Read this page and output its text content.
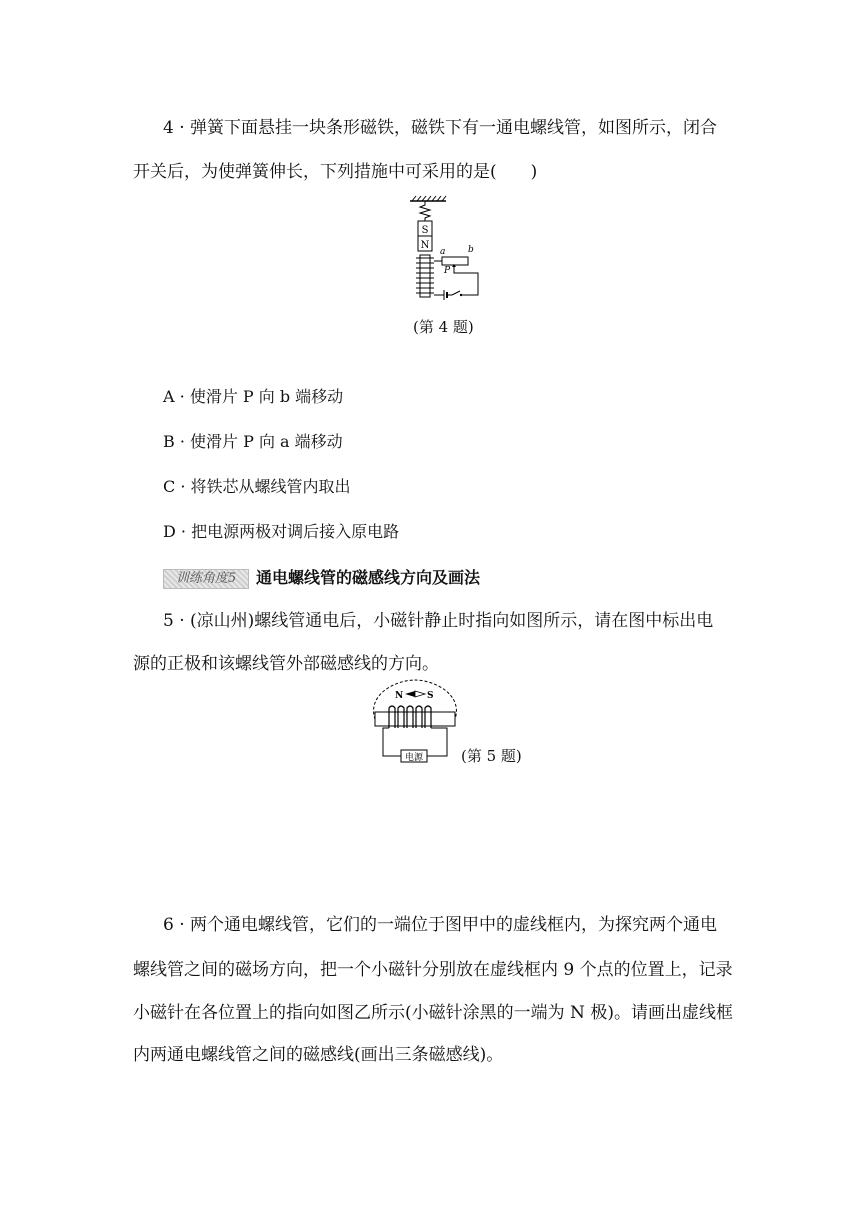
4 · 弹簧下面悬挂一块条形磁铁，磁铁下有一通电螺线管，如图所示，闭合
开关后，为使弹簧伸长，下列措施中可采用的是(　　)
S
N
a	b
P
(第 4 题)
A · 使滑片 P 向 b 端移动
B · 使滑片 P 向 a 端移动
C · 将铁芯从螺线管内取出
D · 把电源两极对调后接入原电路
训练角度5	通电螺线管的磁感线方向及画法
5 · (凉山州)螺线管通电后，小磁针静止时指向如图所示，请在图中标出电
源的正极和该螺线管外部磁感线的方向。
N	S
电源	(第 5 题)
6 · 两个通电螺线管，它们的一端位于图甲中的虚线框内，为探究两个通电
螺线管之间的磁场方向，把一个小磁针分别放在虚线框内 9 个点的位置上，记录
小磁针在各位置上的指向如图乙所示(小磁针涂黑的一端为 N 极)。请画出虚线框
内两通电螺线管之间的磁感线(画出三条磁感线)。
